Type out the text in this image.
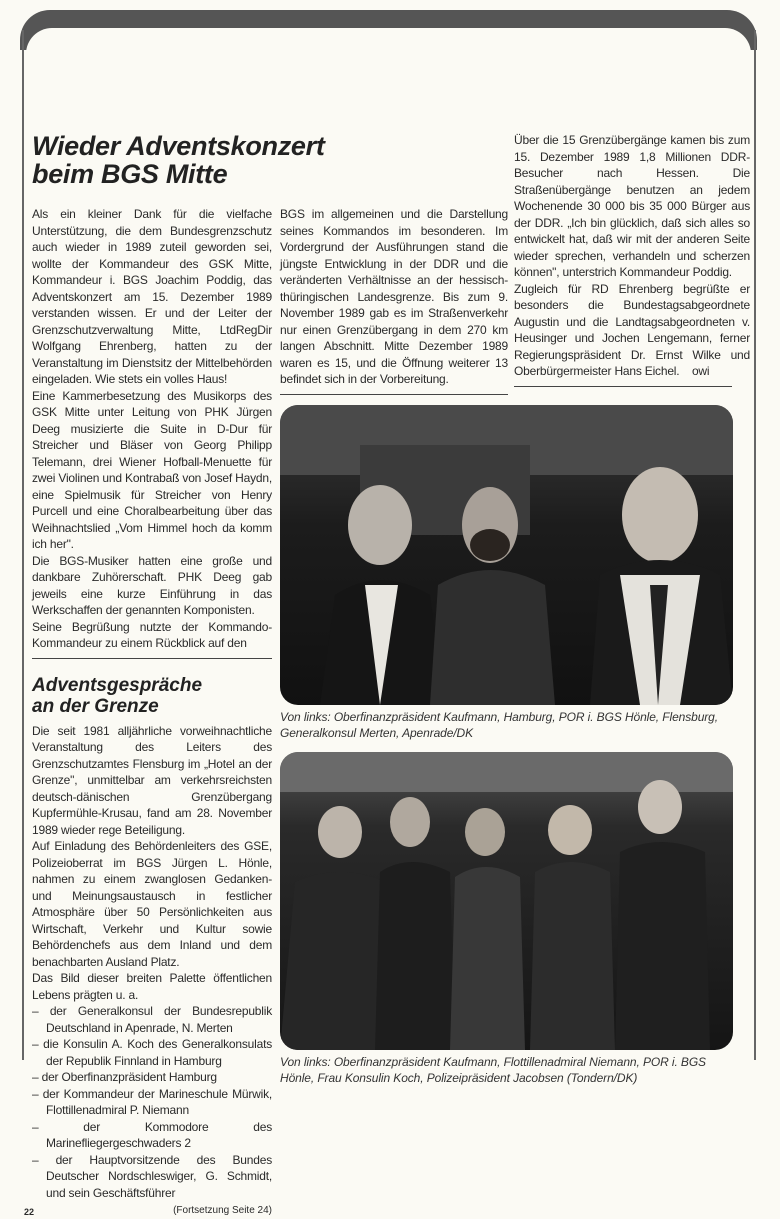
Wieder Adventskonzert
beim BGS Mitte

Als ein kleiner Dank für die vielfache Unterstützung, die dem Bundesgrenzschutz auch wieder in 1989 zuteil geworden sei, wollte der Kommandeur des GSK Mitte, Kommandeur i. BGS Joachim Poddig, das Adventskonzert am 15. Dezember 1989 verstanden wissen. Er und der Leiter der Grenzschutzverwaltung Mitte, LtdRegDir Wolfgang Ehrenberg, hatten zu der Veranstaltung im Dienstsitz der Mittelbehörden eingeladen. Wie stets ein volles Haus!

Eine Kammerbesetzung des Musikorps des GSK Mitte unter Leitung von PHK Jürgen Deeg musizierte die Suite in D-Dur für Streicher und Bläser von Georg Philipp Telemann, drei Wiener Hofball-Menuette für zwei Violinen und Kontrabaß von Josef Haydn, eine Spielmusik für Streicher von Henry Purcell und eine Choralbearbeitung über das Weihnachtslied „Vom Himmel hoch da komm ich her".

Die BGS-Musiker hatten eine große und dankbare Zuhörerschaft. PHK Deeg gab jeweils eine kurze Einführung in das Werkschaffen der genannten Komponisten.

Seine Begrüßung nutzte der Kommando-Kommandeur zu einem Rückblick auf den

Adventsgespräche
an der Grenze

Die seit 1981 alljährliche vorweihnachtliche Veranstaltung des Leiters des Grenzschutzamtes Flensburg im „Hotel an der Grenze", unmittelbar am verkehrsreichsten deutsch-dänischen Grenzübergang Kupfermühle-Krusau, fand am 28. November 1989 wieder rege Beteiligung.

Auf Einladung des Behördenleiters des GSE, Polizeioberrat im BGS Jürgen L. Hönle, nahmen zu einem zwanglosen Gedanken- und Meinungsaustausch in festlicher Atmosphäre über 50 Persönlichkeiten aus Wirtschaft, Verkehr und Kultur sowie Behördenchefs aus dem Inland und dem benachbarten Ausland Platz.

Das Bild dieser breiten Palette öffentlichen Lebens prägten u. a.

– der Generalkonsul der Bundesrepublik Deutschland in Apenrade, N. Merten
– die Konsulin A. Koch des Generalkonsulats der Republik Finnland in Hamburg
– der Oberfinanzpräsident Hamburg
– der Kommandeur der Marineschule Mürwik, Flottillenadmiral P. Niemann
– der Kommodore des Marinefliegergeschwaders 2
– der Hauptvorsitzende des Bundes Deutscher Nordschleswiger, G. Schmidt, und sein Geschäftsführer
22	(Fortsetzung Seite 24)

BGS im allgemeinen und die Darstellung seines Kommandos im besonderen. Im Vordergrund der Ausführungen stand die jüngste Entwicklung in der DDR und die veränderten Verhältnisse an der hessisch-thüringischen Landesgrenze. Bis zum 9. November 1989 gab es im Straßenverkehr nur einen Grenzübergang in dem 270 km langen Abschnitt. Mitte Dezember 1989 waren es 15, und die Öffnung weiterer 13 befindet sich in der Vorbereitung.

Über die 15 Grenzübergänge kamen bis zum 15. Dezember 1989 1,8 Millionen DDR-Besucher nach Hessen. Die Straßenübergänge benutzen an jedem Wochenende 30 000 bis 35 000 Bürger aus der DDR. „Ich bin glücklich, daß sich alles so entwickelt hat, daß wir mit der anderen Seite wieder sprechen, verhandeln und scherzen können", unterstrich Kommandeur Poddig.

Zugleich für RD Ehrenberg begrüßte er besonders die Bundestagsabgeordnete Augustin und die Landtagsabgeordneten v. Heusinger und Jochen Lengemann, ferner Regierungspräsident Dr. Ernst Wilke und Oberbürgermeister Hans Eichel. owi

Von links: Oberfinanzpräsident Kaufmann, Hamburg, POR i. BGS Hönle, Flensburg, Generalkonsul Merten, Apenrade/DK

Von links: Oberfinanzpräsident Kaufmann, Flottillenadmiral Niemann, POR i. BGS Hönle, Frau Konsulin Koch, Polizeipräsident Jacobsen (Tondern/DK)
